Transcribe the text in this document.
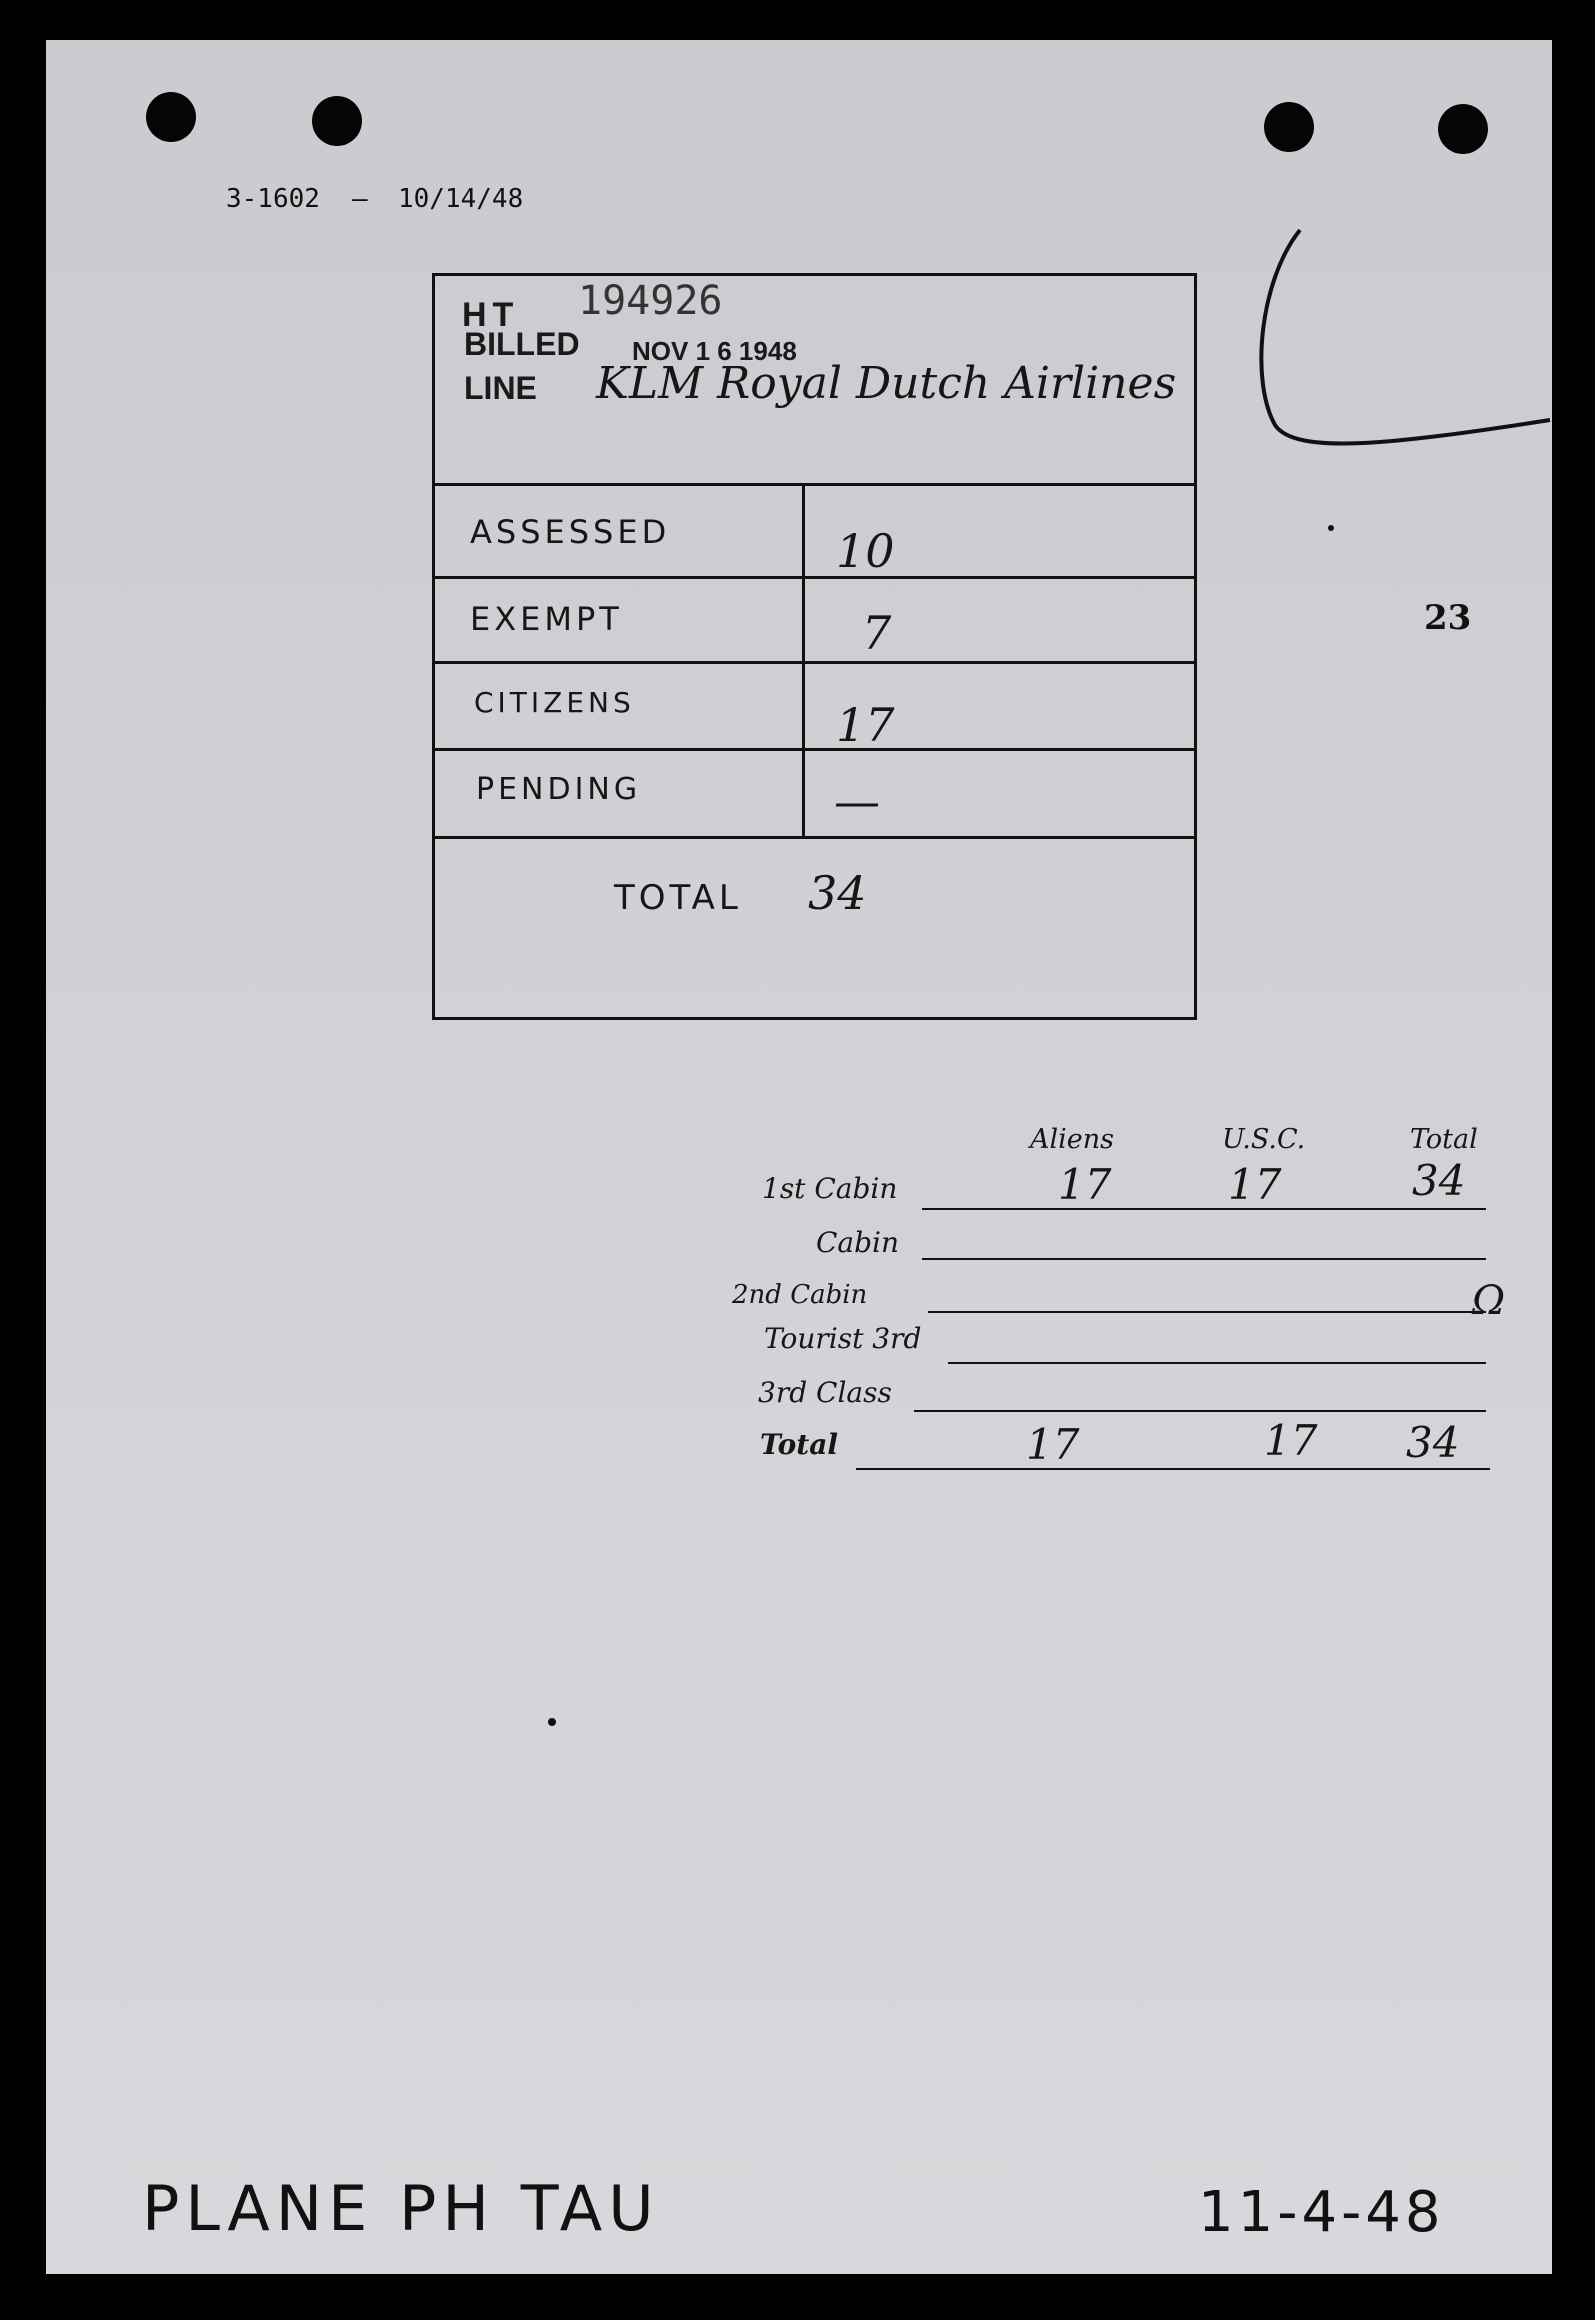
3-1602 — 10/14/48
23
HT 194926
BILLED NOV 1 6 1948
LINE KLM Royal Dutch Airlines
ASSESSED	10
EXEMPT	7
CITIZENS	17
PENDING	—
TOTAL 34
Aliens	U.S.C.	Total
1st Cabin	17	17	34
Cabin
2nd Cabin	Ω
Tourist 3rd
3rd Class
Total	17	17 34
PLANE PH TAU	11-4-48
